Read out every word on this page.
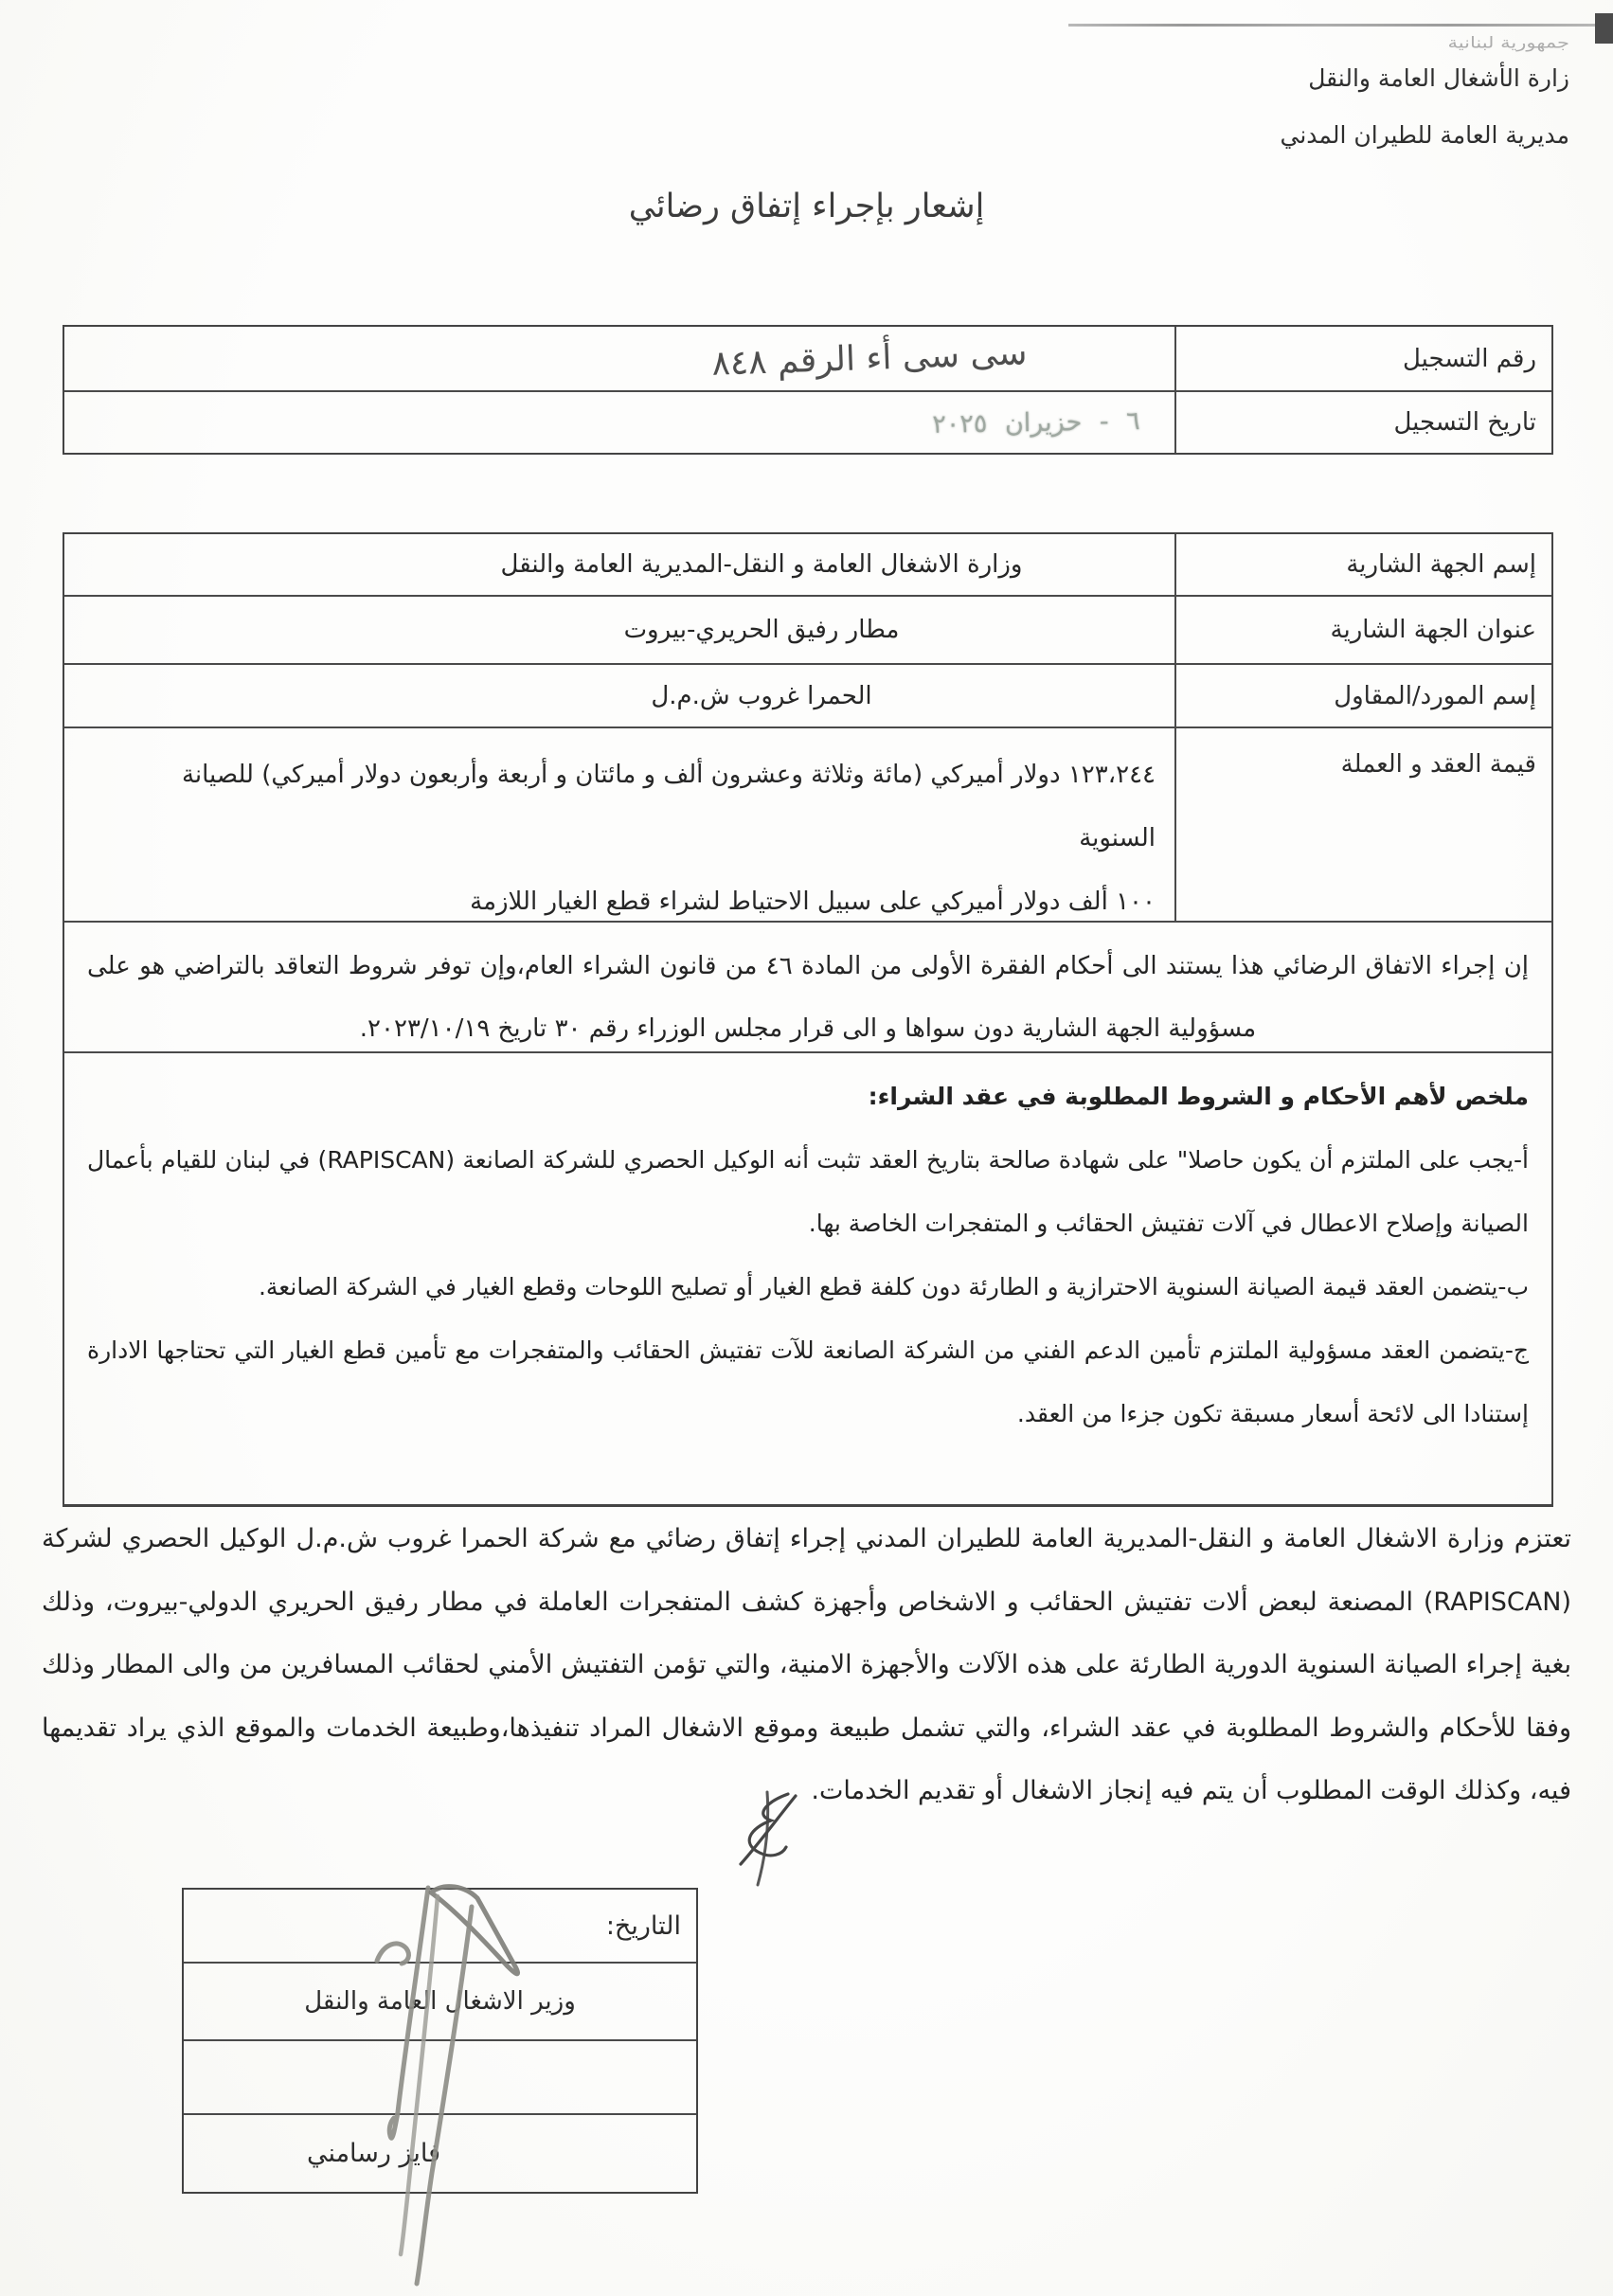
جمهورية لبنانية
زارة الأشغال العامة والنقل
مديرية العامة للطيران المدني
إشعار بإجراء إتفاق رضائي
رقم التسجيل
سى سى أء الرقم ٨٤٨
تاريخ التسجيل
٦ - حزيران ٢٠٢٥
إسم الجهة الشارية
وزارة الاشغال العامة و النقل-المديرية العامة والنقل
عنوان الجهة الشارية
مطار رفيق الحريري-بيروت
إسم المورد/المقاول
الحمرا غروب ش.م.ل
قيمة العقد و العملة

١٢٣،٢٤٤ دولار أميركي (مائة وثلاثة وعشرون ألف و مائتان و أربعة وأربعون دولار أميركي) للصيانة السنوية

١٠٠ ألف دولار أميركي على سبيل الاحتياط لشراء قطع الغيار اللازمة

إن إجراء الاتفاق الرضائي هذا يستند الى أحكام الفقرة الأولى من المادة ٤٦ من قانون الشراء العام،وإن توفر شروط التعاقد بالتراضي هو على مسؤولية الجهة الشارية دون سواها و الى قرار مجلس الوزراء رقم ٣٠ تاريخ ٢٠٢٣/١٠/١٩.

ملخص لأهم الأحكام و الشروط المطلوبة في عقد الشراء:

أ-يجب على الملتزم أن يكون حاصلا" على شهادة صالحة بتاريخ العقد تثبت أنه الوكيل الحصري للشركة الصانعة (RAPISCAN) في لبنان للقيام بأعمال الصيانة وإصلاح الاعطال في آلات تفتيش الحقائب و المتفجرات الخاصة بها.

ب-يتضمن العقد قيمة الصيانة السنوية الاحترازية و الطارئة دون كلفة قطع الغيار أو تصليح اللوحات وقطع الغيار في الشركة الصانعة.

ج-يتضمن العقد مسؤولية الملتزم تأمين الدعم الفني من الشركة الصانعة للآت تفتيش الحقائب والمتفجرات مع تأمين قطع الغيار التي تحتاجها الادارة إستنادا الى لائحة أسعار مسبقة تكون جزءا من العقد.

تعتزم وزارة الاشغال العامة و النقل-المديرية العامة للطيران المدني إجراء إتفاق رضائي مع شركة الحمرا غروب ش.م.ل الوكيل الحصري لشركة (RAPISCAN) المصنعة لبعض ألات تفتيش الحقائب و الاشخاص وأجهزة كشف المتفجرات العاملة في مطار رفيق الحريري الدولي-بيروت، وذلك بغية إجراء الصيانة السنوية الدورية الطارئة على هذه الآلات والأجهزة الامنية، والتي تؤمن التفتيش الأمني لحقائب المسافرين من والى المطار وذلك وفقا للأحكام والشروط المطلوبة في عقد الشراء، والتي تشمل طبيعة وموقع الاشغال المراد تنفيذها،وطبيعة الخدمات والموقع الذي يراد تقديمها فيه، وكذلك الوقت المطلوب أن يتم فيه إنجاز الاشغال أو تقديم الخدمات.

التاريخ:
وزير الاشغال العامة والنقل
فايز رسامني
